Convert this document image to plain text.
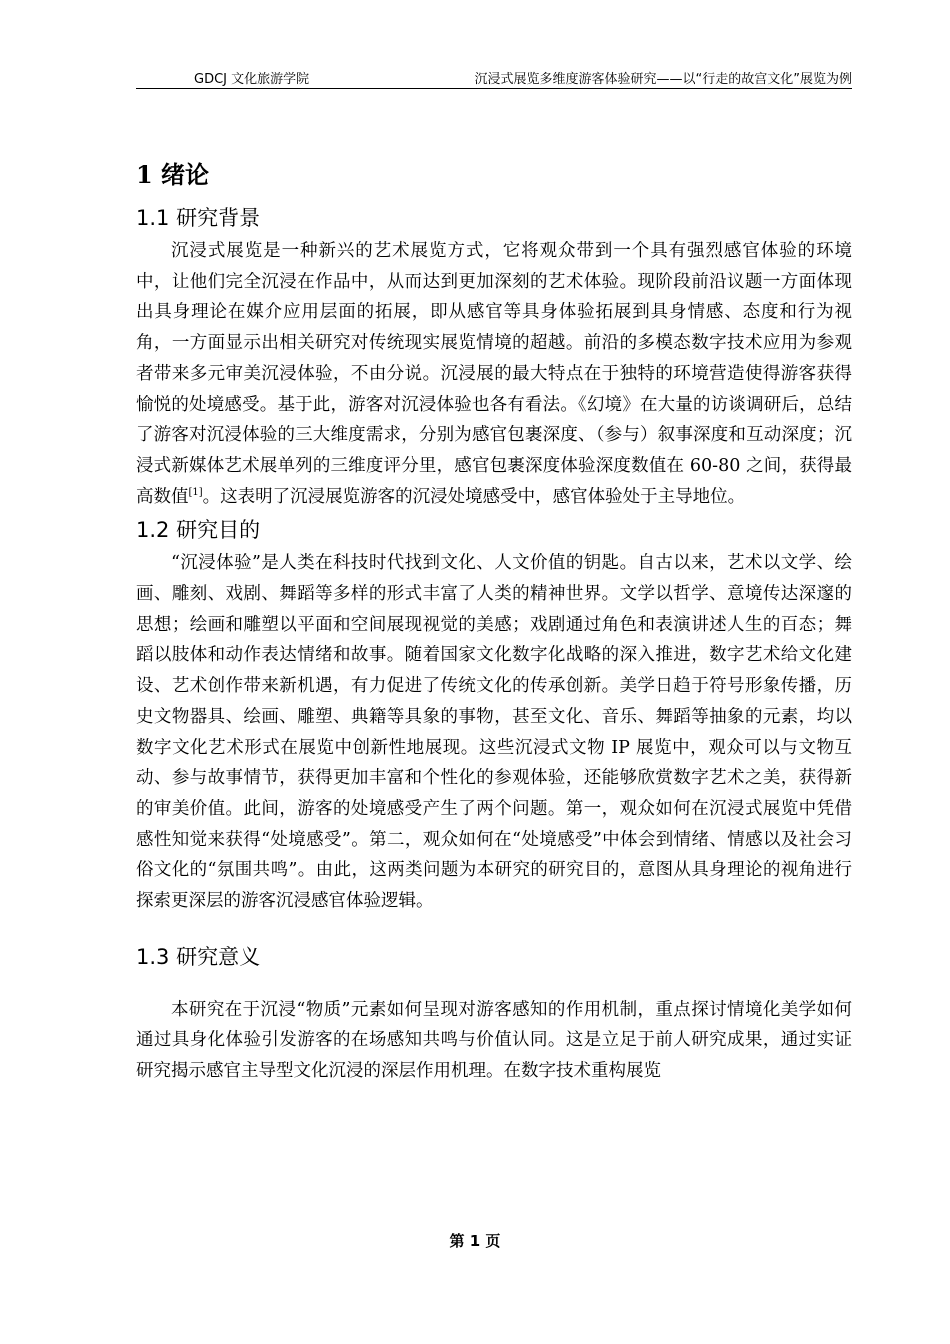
GDCJ 文化旅游学院	沉浸式展览多维度游客体验研究——以“行走的故宫文化”展览为例
1 绪论
1.1 研究背景

沉浸式展览是一种新兴的艺术展览方式，它将观众带到一个具有强烈感官体验的环境中，让他们完全沉浸在作品中，从而达到更加深刻的艺术体验。现阶段前沿议题一方面体现出具身理论在媒介应用层面的拓展，即从感官等具身体验拓展到具身情感、态度和行为视角，一方面显示出相关研究对传统现实展览情境的超越。前沿的多模态数字技术应用为参观者带来多元审美沉浸体验，不由分说。沉浸展的最大特点在于独特的环境营造使得游客获得愉悦的处境感受。基于此，游客对沉浸体验也各有看法。《幻境》在大量的访谈调研后，总结了游客对沉浸体验的三大维度需求，分别为感官包裹深度、（参与）叙事深度和互动深度；沉浸式新媒体艺术展单列的三维度评分里，感官包裹深度体验深度数值在 60-80 之间，获得最高数值[1]。这表明了沉浸展览游客的沉浸处境感受中，感官体验处于主导地位。

1.2 研究目的

“沉浸体验”是人类在科技时代找到文化、人文价值的钥匙。自古以来，艺术以文学、绘画、雕刻、戏剧、舞蹈等多样的形式丰富了人类的精神世界。文学以哲学、意境传达深邃的思想；绘画和雕塑以平面和空间展现视觉的美感；戏剧通过角色和表演讲述人生的百态；舞蹈以肢体和动作表达情绪和故事。随着国家文化数字化战略的深入推进，数字艺术给文化建设、艺术创作带来新机遇，有力促进了传统文化的传承创新。美学日趋于符号形象传播，历史文物器具、绘画、雕塑、典籍等具象的事物，甚至文化、音乐、舞蹈等抽象的元素，均以数字文化艺术形式在展览中创新性地展现。这些沉浸式文物 IP 展览中，观众可以与文物互动、参与故事情节，获得更加丰富和个性化的参观体验，还能够欣赏数字艺术之美，获得新的审美价值。此间，游客的处境感受产生了两个问题。第一，观众如何在沉浸式展览中凭借感性知觉来获得“处境感受”。第二，观众如何在“处境感受”中体会到情绪、情感以及社会习俗文化的“氛围共鸣”。由此，这两类问题为本研究的研究目的，意图从具身理论的视角进行探索更深层的游客沉浸感官体验逻辑。

1.3 研究意义

本研究在于沉浸“物质”元素如何呈现对游客感知的作用机制，重点探讨情境化美学如何通过具身化体验引发游客的在场感知共鸣与价值认同。这是立足于前人研究成果，通过实证研究揭示感官主导型文化沉浸的深层作用机理。在数字技术重构展览

第 1 页
